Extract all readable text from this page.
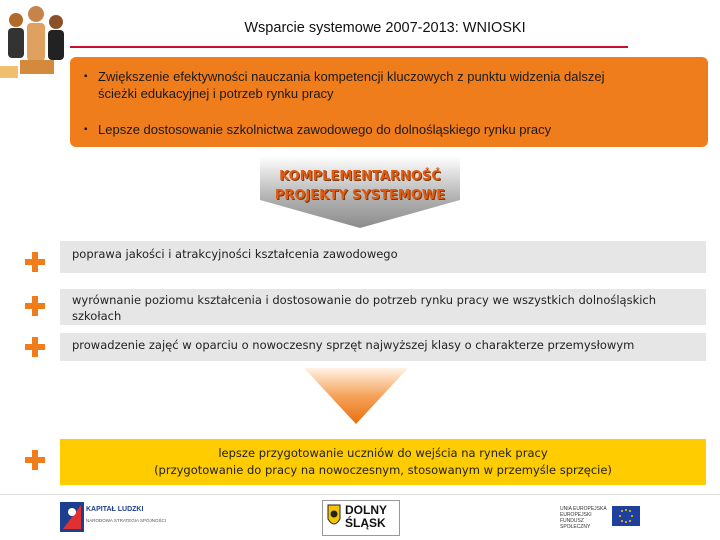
Wsparcie systemowe 2007-2013: WNIOSKI
▪ Zwiększenie efektywności nauczania kompetencji kluczowych z punktu widzenia dalszej
ścieżki edukacyjnej i potrzeb rynku pracy
▪ Lepsze dostosowanie szkolnictwa zawodowego do dolnośląskiego rynku pracy
KOMPLEMENTARNOŚĆ
PROJEKTY SYSTEMOWE
poprawa jakości i atrakcyjności kształcenia zawodowego
wyrównanie poziomu kształcenia i dostosowanie do potrzeb rynku pracy we wszystkich dolnośląskich
szkołach
prowadzenie zajęć w oparciu o nowoczesny sprzęt najwyższej klasy o charakterze przemysłowym
lepsze przygotowanie uczniów do wejścia na rynek pracy
(przygotowanie do pracy na nowoczesnym, stosowanym w przemyśle sprzęcie)
KAPITAŁ LUDZKI
NARODOWA STRATEGIA SPÓJNOŚCI
DOLNY
ŚLĄSK
UNIA EUROPEJSKA
EUROPEJSKI
FUNDUSZ SPOŁECZNY
